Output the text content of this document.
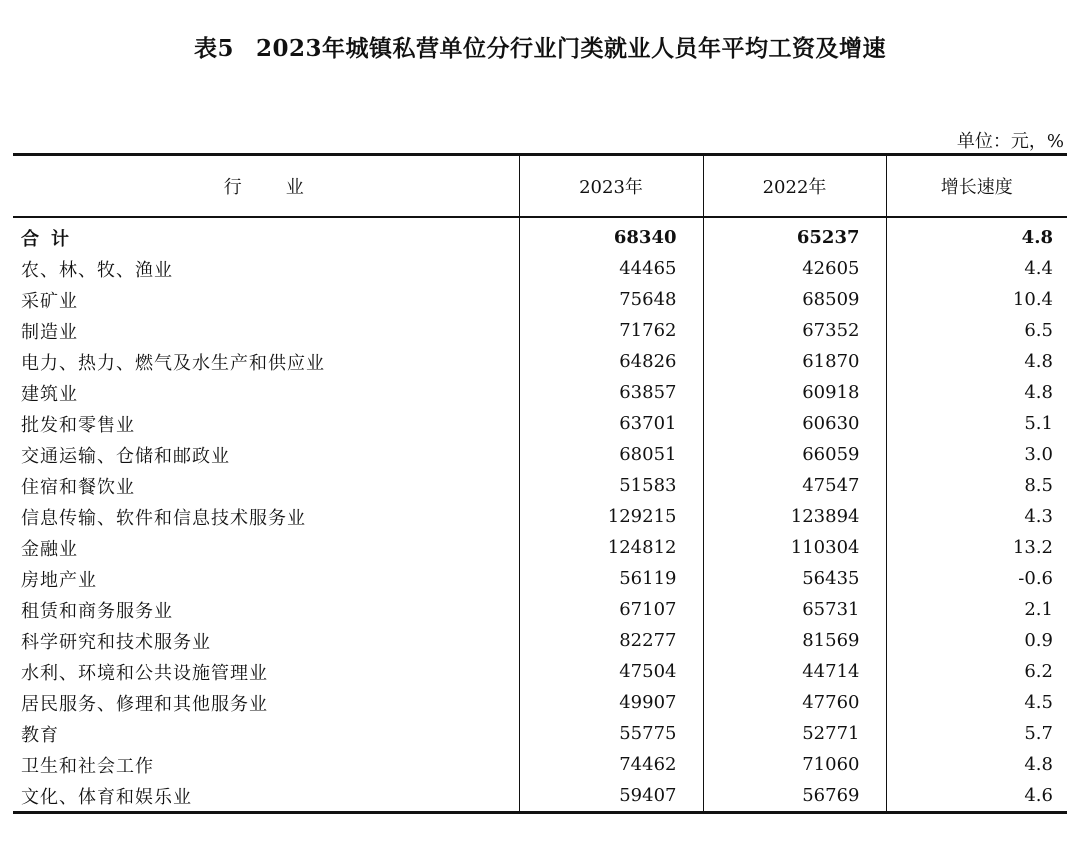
表5 2023年城镇私营单位分行业门类就业人员年平均工资及增速
单位：元，%
行业	2023年	2022年	增长速度
合计	68340	65237	4.8
农、林、牧、渔业	44465	42605	4.4
采矿业	75648	68509	10.4
制造业	71762	67352	6.5
电力、热力、燃气及水生产和供应业	64826	61870	4.8
建筑业	63857	60918	4.8
批发和零售业	63701	60630	5.1
交通运输、仓储和邮政业	68051	66059	3.0
住宿和餐饮业	51583	47547	8.5
信息传输、软件和信息技术服务业	129215	123894	4.3
金融业	124812	110304	13.2
房地产业	56119	56435	-0.6
租赁和商务服务业	67107	65731	2.1
科学研究和技术服务业	82277	81569	0.9
水利、环境和公共设施管理业	47504	44714	6.2
居民服务、修理和其他服务业	49907	47760	4.5
教育	55775	52771	5.7
卫生和社会工作	74462	71060	4.8
文化、体育和娱乐业	59407	56769	4.6
